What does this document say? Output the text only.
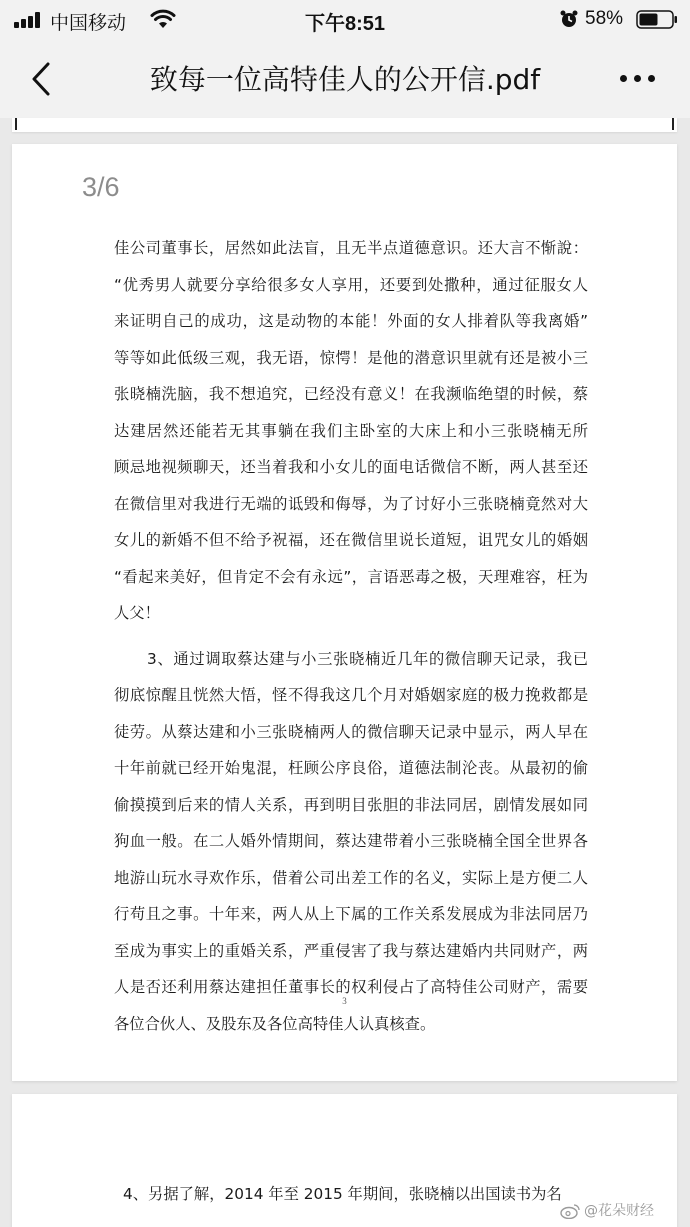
中国移动	下午8:51	58%
致每一位高特佳人的公开信.pdf
3/6
佳公司董事长，居然如此法盲，且无半点道德意识。还大言不惭說：
“优秀男人就要分享给很多女人享用，还要到处撒种，通过征服女人
来证明自己的成功，这是动物的本能！外面的女人排着队等我离婚”
等等如此低级三观，我无语，惊愕！是他的潜意识里就有还是被小三
张晓楠洗脑，我不想追究，已经没有意义！在我濒临绝望的时候，蔡
达建居然还能若无其事躺在我们主卧室的大床上和小三张晓楠无所
顾忌地视频聊天，还当着我和小女儿的面电话微信不断，两人甚至还
在微信里对我进行无端的诋毁和侮辱，为了讨好小三张晓楠竟然对大
女儿的新婚不但不给予祝福，还在微信里说长道短，诅咒女儿的婚姻
“看起来美好，但肯定不会有永远”，言语恶毒之极，天理难容，枉为
人父！
3、通过调取蔡达建与小三张晓楠近几年的微信聊天记录，我已
彻底惊醒且恍然大悟，怪不得我这几个月对婚姻家庭的极力挽救都是
徒劳。从蔡达建和小三张晓楠两人的微信聊天记录中显示，两人早在
十年前就已经开始鬼混，枉顾公序良俗，道德法制沦丧。从最初的偷
偷摸摸到后来的情人关系，再到明目张胆的非法同居，剧情发展如同
狗血一般。在二人婚外情期间，蔡达建带着小三张晓楠全国全世界各
地游山玩水寻欢作乐，借着公司出差工作的名义，实际上是方便二人
行苟且之事。十年来，两人从上下属的工作关系发展成为非法同居乃
至成为事实上的重婚关系，严重侵害了我与蔡达建婚内共同财产，两
人是否还利用蔡达建担任董事长的权利侵占了高特佳公司财产，需要
各位合伙人、及股东及各位高特佳人认真核查。
3
4、另据了解，2014 年至 2015 年期间，张晓楠以出国读书为名
@花朵财经
